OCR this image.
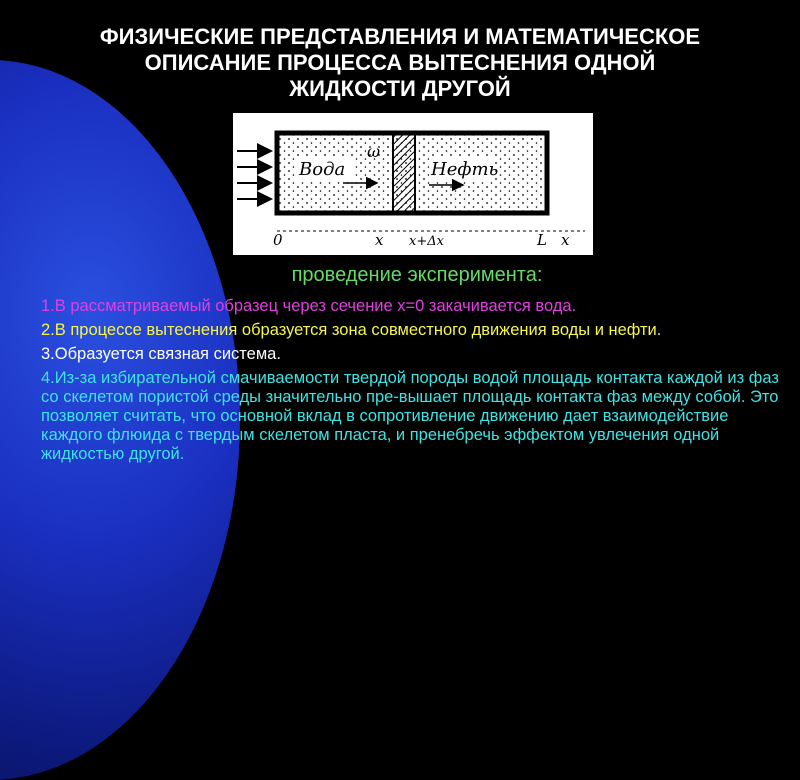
ФИЗИЧЕСКИЕ ПРЕДСТАВЛЕНИЯ И МАТЕМАТИЧЕСКОЕ
ОПИСАНИЕ ПРОЦЕССА ВЫТЕСНЕНИЯ ОДНОЙ
ЖИДКОСТИ ДРУГОЙ
Вода
ω
Нефть
0	x x+Δx	L x

проведение эксперимента:

1.В рассматриваемый образец через сечение x=0 закачивается вода.

2.В процессе вытеснения образуется зона совместного движения воды и нефти.

3.Образуется связная система.

4.Из-за избирательной смачиваемости твердой породы водой площадь контакта каждой из фаз со скелетом пористой среды значительно пре-вышает площадь контакта фаз между собой. Это позволяет считать, что основной вклад в сопротивление движению дает взаимодействие каждого флюида с твердым скелетом пласта, и пренебречь эффектом увлечения одной жидкостью другой.
